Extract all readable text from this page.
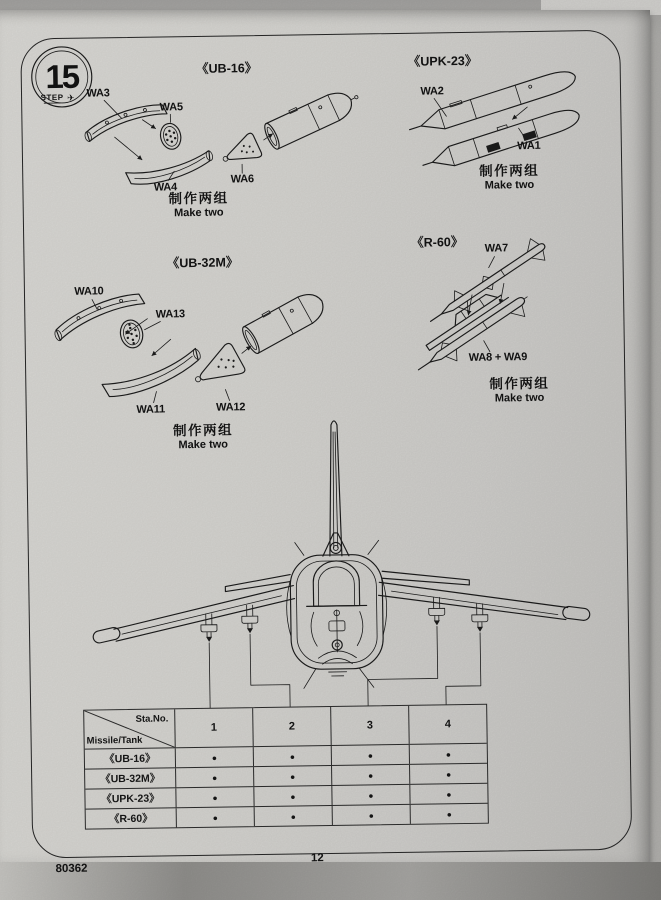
15
STEP ✈
《UB-16》
WA3
WA5
WA4
WA6
制作两组
Make two
《UPK-23》
WA2
WA1
制作两组
Make two
《UB-32M》
WA10
WA13
WA11	WA12
制作两组
Make two
《R-60》 WA7
WA8 + WA9
制作两组
Make two
80362
12
Sta.No.
Missile/Tank
1	2	3	4
《UB-16》	●	●	●	●
《UB-32M》	●	●	●	●
《UPK-23》	●	●	●	●
《R-60》	●	●	●	●
